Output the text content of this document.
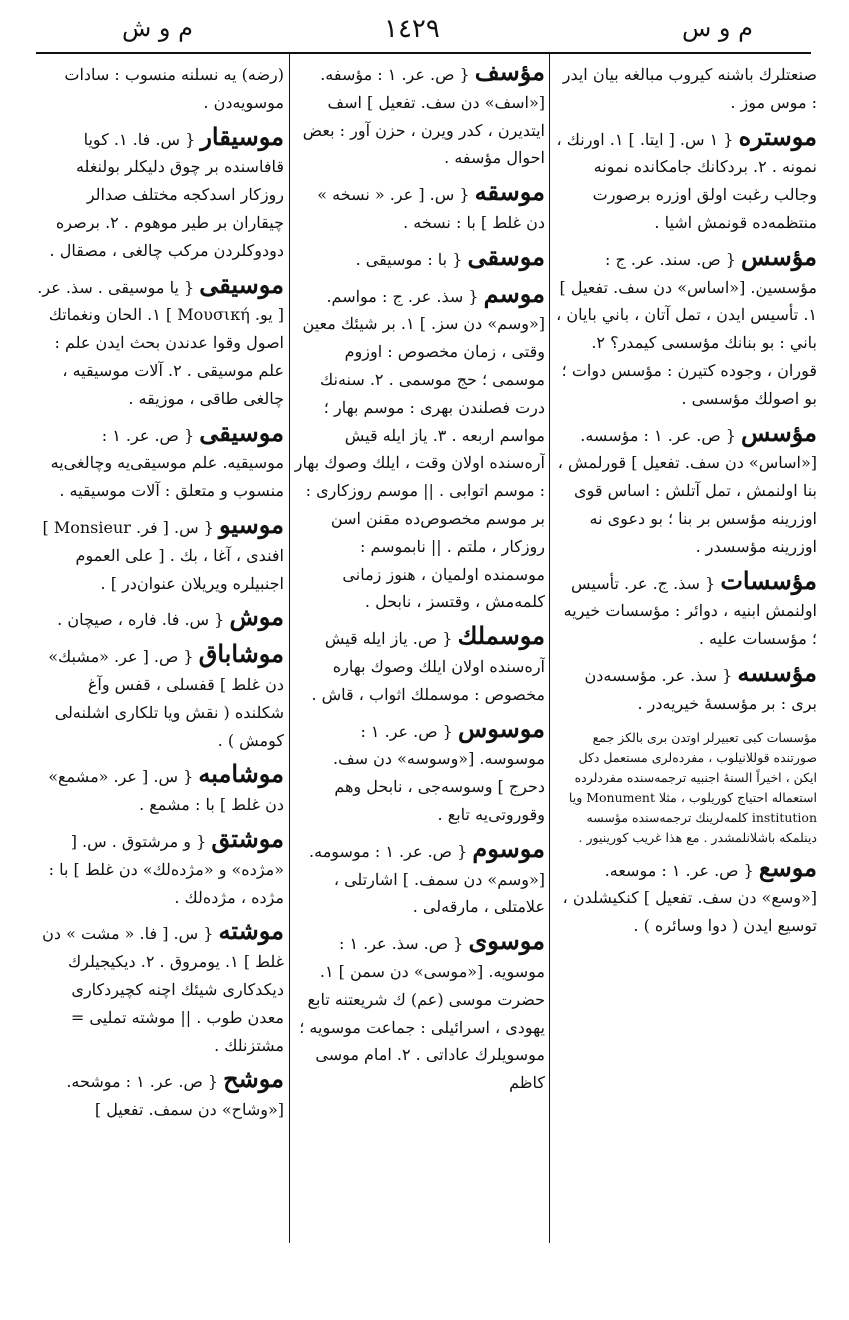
م و س
١٤٢٩
م و ش

صنعتلرك باشنه كيروب مبالغه بيان ايدر : موس موز .

موستره { ١ س. [ ايتا. ] ١. اورنك ، نمونه . ٢. بردكانك جامكانده نمونه وجالب رغبت اولق اوزره برصورت منتظمه‌ده قونمش اشيا .

مؤسس { ص. سند. عر. ج : مؤسسين. [«اساس» دن سف. تفعيل ] ١. تأسيس ايدن ، تمل آتان ، باني بايان ، باني : بو بنانك مؤسسى كيمدر؟ ٢. قوران ، وجوده كتيرن : مؤسس دوات ؛ بو اصولك مؤسسى .

مؤسس { ص. عر. ١ : مؤسسه. [«اساس» دن سف. تفعيل ] قورلمش ، بنا اولنمش ، تمل آتلش : اساس قوى اوزرينه مؤسس بر بنا ؛ بو دعوى نه اوزرينه مؤسسدر .

مؤسسات { سذ. ج. عر. تأسيس اولنمش ابنيه ، دوائر : مؤسسات خيريه ؛ مؤسسات عليه .

مؤسسه { سذ. عر. مؤسسه‌دن برى : بر مؤسسهٔ خيريه‌در .

مؤسسات كبى تعبيرلر اوتدن برى بالكز جمع صورتنده قوللانيلوب ، مفرده‌لرى مستعمل دكل ايكن ، اخيراً السنهٔ اجنبيه ترجمه‌سنده مفردلرده استعماله احتياج كوريلوب ، مثلا Monument ويا institution كلمه‌لرينك ترجمه‌سنده مؤسسه دينلمكه باشلانلمشدر . مع هذا غريب كورينيور .

موسع { ص. عر. ١ : موسعه. [«وسع» دن سف. تفعيل ] كنكيشلدن ، توسيع ايدن ( دوا وسائره ) .

مؤسف { ص. عر. ١ : مؤسفه. [«اسف» دن سف. تفعيل ] اسف ايتديرن ، كدر ويرن ، حزن آور : بعض احوال مؤسفه .

موسقه { س. [ عر. « نسخه » دن غلط ] با : نسخه .

موسقى { با : موسيقى .

موسم { سذ. عر. ج : مواسم. [«وسم» دن سز. ] ١. بر شيئك معين وقتى ، زمان مخصوص : اوزوم موسمى ؛ حج موسمى . ٢. سنه‌نك درت فصلندن بهرى : موسم بهار ؛ مواسم اربعه . ٣. ياز ايله قيش آره‌سنده اولان وقت ، ايلك وصوك بهار : موسم اتوابى . || موسم روزكارى : بر موسم مخصوص‌ده مقنن اسن روزكار ، ملتم . || نابموسم : موسمنده اولميان ، هنوز زمانى كلمه‌مش ، وقتسز ، نابحل .

موسملك { ص. ياز ايله قيش آره‌سنده اولان ايلك وصوك بهاره مخصوص : موسملك اثواب ، قاش .

موسوس { ص. عر. ١ : موسوسه. [«وسوسه» دن سف. دحرج ] وسوسه‌جى ، نابحل وهم وقوروتى‌يه تابع .

موسوم { ص. عر. ١ : موسومه. [«وسم» دن سمف. ] اشارتلى ، علامتلى ، مارقه‌لى .

موسوى { ص. سذ. عر. ١ : موسويه. [«موسى» دن سمن ] ١. حضرت موسى (عم) ك شريعتنه تابع يهودى ، اسرائيلى : جماعت موسويه ؛ موسويلرك عاداتى . ٢. امام موسى كاظم

(رضه) يه نسلنه منسوب : سادات موسويه‌دن .

موسيقار { س. فا. ١. كويا قافاسنده بر چوق دليكلر بولنغله روزكار اسدكجه مختلف صدالر چيقاران بر طير موهوم . ٢. برصره دودوكلردن مركب چالغى ، مصقال .

موسيقى { يا موسيقى . سذ. عر. [ يو. Μουσική ] ١. الحان ونغماتك اصول وقوا عدندن بحث ايدن علم : علم موسيقى . ٢. آلات موسيقيه ، چالغى طاقى ، موزيقه .

موسيقى { ص. عر. ١ : موسيقيه. علم موسيقى‌يه وچالغى‌يه منسوب و متعلق : آلات موسيقيه .

موسيو { س. [ فر. Monsieur ] افندى ، آغا ، بك . [ على العموم اجنبيلره ويريلان عنوان‌در ] .

موش { س. فا. فاره ، صيچان .

موشاباق { ص. [ عر. «مشبك» دن غلط ] قفسلى ، قفس وآغ شكلنده ( نقش ويا تلكارى اشلنه‌لى كومش ) .

موشامبه { س. [ عر. «مشمع» دن غلط ] با : مشمع .

موشتق { و مرشتوق . س. [ «مژده» و «مژده‌لك» دن غلط ] با : مژده ، مژده‌لك .

موشته { س. [ فا. « مشت » دن غلط ] ١. يومروق . ٢. ديكيجيلرك ديكدكارى شيئك اچنه كچيردكارى معدن طوب . || موشته تمليى = مشتزنلك .

موشح { ص. عر. ١ : موشحه. [«وشاح» دن سمف. تفعيل ]
